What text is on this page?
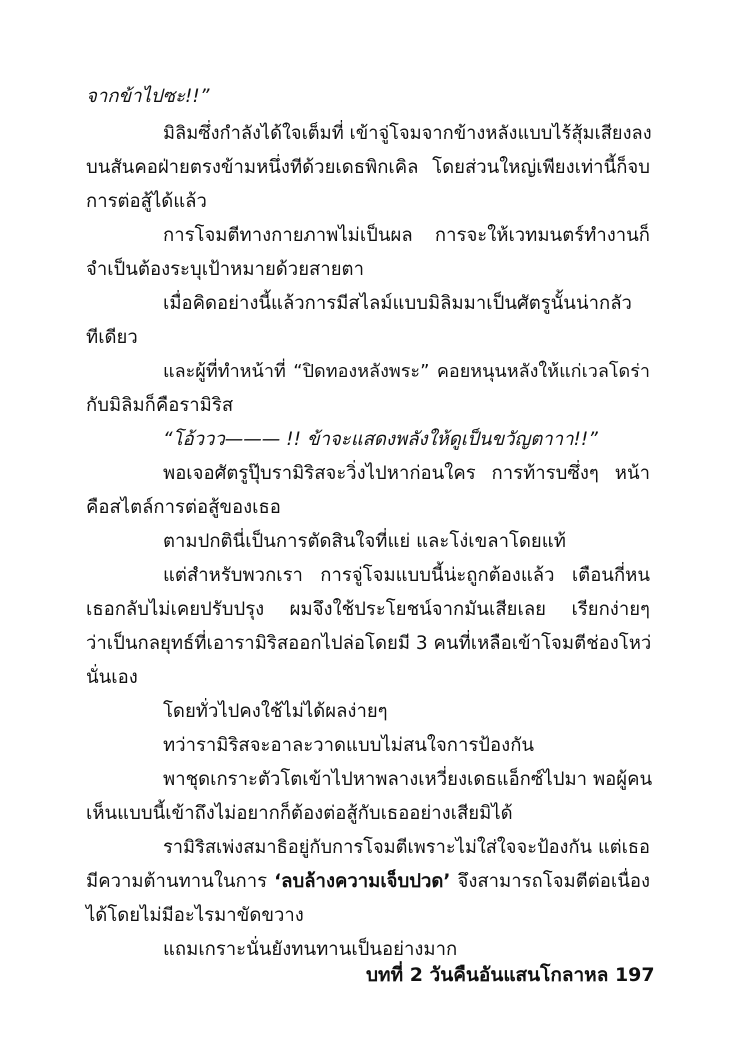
จากข้าไปซะ!!”
มิลิมซึ่งกำลังได้ใจเต็มที่ เข้าจู่โจมจากข้างหลังแบบไร้สุ้มเสียงลง
บนสันคอฝ่ายตรงข้ามหนึ่งทีด้วยเดธพิกเคิล โดยส่วนใหญ่เพียงเท่านี้ก็จบ
การต่อสู้ได้แล้ว
การโจมตีทางกายภาพไม่เป็นผล การจะให้เวทมนตร์ทำงานก็
จำเป็นต้องระบุเป้าหมายด้วยสายตา
เมื่อคิดอย่างนี้แล้วการมีสไลม์แบบมิลิมมาเป็นศัตรูนั้นน่ากลัว
ทีเดียว
และผู้ที่ทำหน้าที่ “ปิดทองหลังพระ” คอยหนุนหลังให้แก่เวลโดร่า
กับมิลิมก็คือรามิริส
“โอ้ววว——— !! ข้าจะแสดงพลังให้ดูเป็นขวัญตาาา!!”
พอเจอศัตรูปุ๊บรามิริสจะวิ่งไปหาก่อนใคร การท้ารบซึ่งๆ หน้า
คือสไตล์การต่อสู้ของเธอ
ตามปกตินี่เป็นการตัดสินใจที่แย่ และโง่เขลาโดยแท้
แต่สำหรับพวกเรา การจู่โจมแบบนี้น่ะถูกต้องแล้ว เตือนกี่หน
เธอกลับไม่เคยปรับปรุง ผมจึงใช้ประโยชน์จากมันเสียเลย เรียกง่ายๆ
ว่าเป็นกลยุทธ์ที่เอารามิริสออกไปล่อโดยมี 3 คนที่เหลือเข้าโจมตีช่องโหว่
นั่นเอง
โดยทั่วไปคงใช้ไม่ได้ผลง่ายๆ
ทว่ารามิริสจะอาละวาดแบบไม่สนใจการป้องกัน
พาชุดเกราะตัวโตเข้าไปหาพลางเหวี่ยงเดธแอ็กซ์ไปมา พอผู้คน
เห็นแบบนี้เข้าถึงไม่อยากก็ต้องต่อสู้กับเธออย่างเสียมิได้
รามิริสเพ่งสมาธิอยู่กับการโจมตีเพราะไม่ใส่ใจจะป้องกัน แต่เธอ
มีความต้านทานในการ ‘ลบล้างความเจ็บปวด’ จึงสามารถโจมตีต่อเนื่อง
ได้โดยไม่มีอะไรมาขัดขวาง
แถมเกราะนั่นยังทนทานเป็นอย่างมาก
บทที่ 2 วันคืนอันแสนโกลาหล 197
